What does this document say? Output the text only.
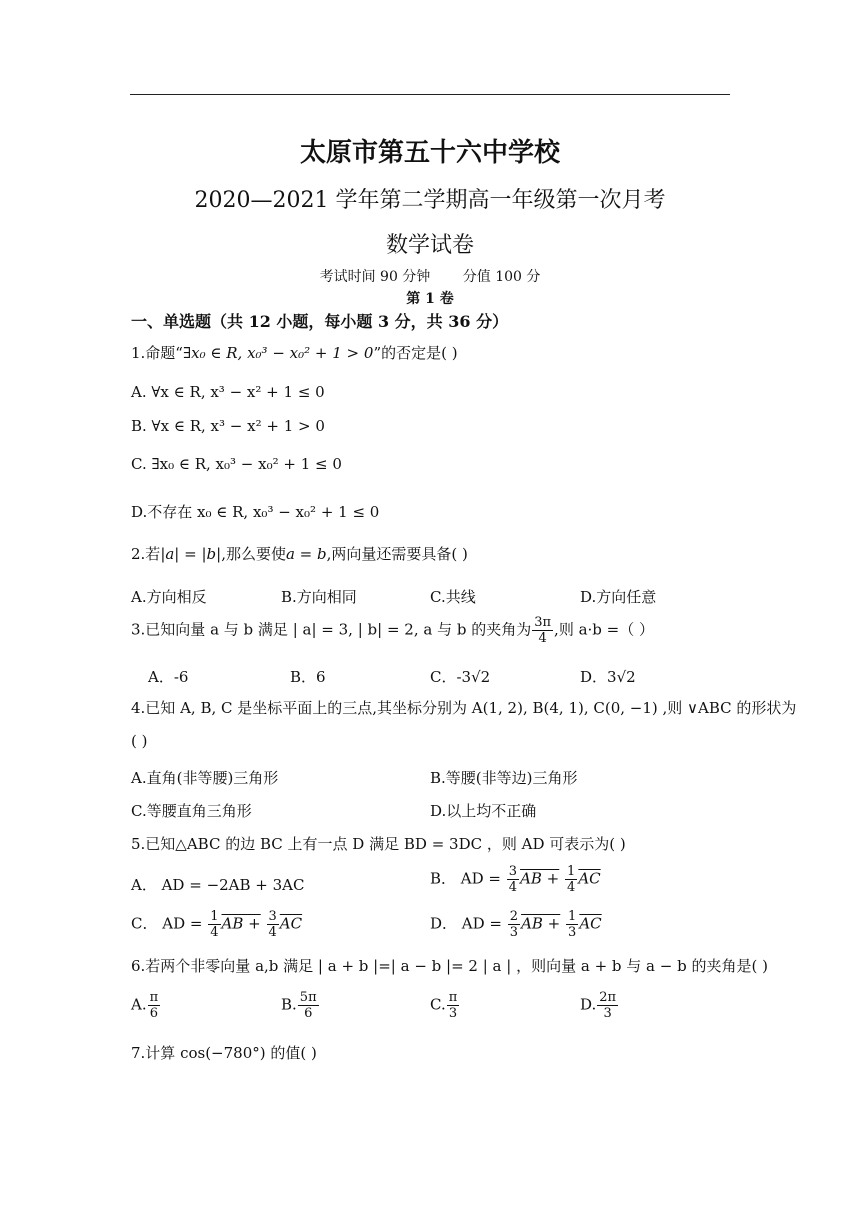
太原市第五十六中学校
2020—2021 学年第二学期高一年级第一次月考
数学试卷
考试时间 90 分钟 分值 100 分
第 1 卷
一、单选题（共 12 小题，每小题 3 分，共 36 分）
1.命题“∃x₀ ∈ R, x₀³ − x₀² + 1 > 0”的否定是( )
A. ∀x ∈ R, x³ − x² + 1 ≤ 0
B. ∀x ∈ R, x³ − x² + 1 > 0
C. ∃x₀ ∈ R, x₀³ − x₀² + 1 ≤ 0
D.不存在 x₀ ∈ R, x₀³ − x₀² + 1 ≤ 0
2.若|a| = |b|,那么要使a = b,两向量还需要具备( )
A.方向相反	B.方向相同	C.共线	D.方向任意
3.已知向量 a 与 b 满足 | a| = 3, | b| = 2, a 与 b 的夹角为 $\frac{3\pi}{4}$ ,则 a·b =（ ）
A．-6	B．6	C．-3√2	D．3√2
4.已知 A, B, C 是坐标平面上的三点,其坐标分别为 A(1, 2), B(4, 1), C(0, −1) ,则 ∨ABC 的形状为
( )
A.直角(非等腰)三角形	B.等腰(非等边)三角形
C.等腰直角三角形	D.以上均不正确
5.已知△ABC 的边 BC 上有一点 D 满足 BD = 3DC ，则 AD 可表示为( )
A． AD = −2AB + 3AC	B． AD = $\frac{3}{4}$ AB + $\frac{1}{4} \overline{AC}$
C． AD = $\frac{1}{4}$ AB + $\frac{3}{4} \overline{AC}$	D． AD = $\frac{2}{3}$ AB + $\frac{1}{3} \overline{AC}$
6.若两个非零向量 a,b 满足 | a + b |=| a − b |= 2 | a | ，则向量 a + b 与 a − b 的夹角是( )
A. $\frac{\pi}{6}$	B. $\frac{5\pi}{6}$	C. $\frac{\pi}{3}$	D. $\frac{2\pi}{3}$
7.计算 cos(−780°) 的值( )
